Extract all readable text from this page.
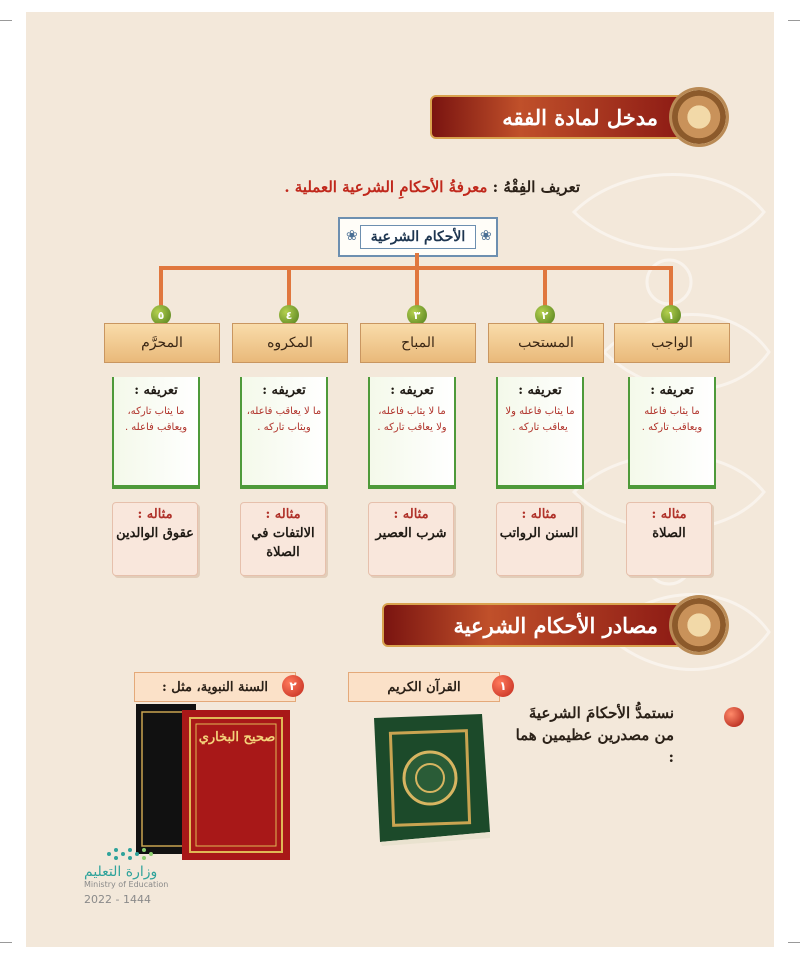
مدخل لمادة الفقه
تعريف الفِقْهُ : معرفةُ الأحكامِ الشرعية العملية .
❀ الأحكام الشرعية	❀
٥
المحرَّم
تعريفه :
ما يثاب تاركه، ويعاقب فاعله .
مثاله :
عقوق الوالدين
٤
المكروه
تعريفه :
ما لا يعاقب فاعله، ويثاب تاركه .
مثاله :
الالتفات في الصلاة
٣
المباح
تعريفه :
ما لا يثاب فاعله، ولا يعاقب تاركه .
مثاله :
شرب العصير
٢
المستحب
تعريفه :
ما يثاب فاعله ولا يعاقب تاركه .
مثاله :
السنن الرواتب
١
الواجب
تعريفه :
ما يثاب فاعله ويعاقب تاركه .
مثاله :
الصلاة
مصادر الأحكام الشرعية
القرآن الكريم	١
السنة النبوية، مثل :	٢
نستمدُّ الأحكامَ الشرعيةَ من مصدرين عظيمين هما :
صحيح البخاري
وزارة التعليم
Ministry of Education
2022 - 1444
